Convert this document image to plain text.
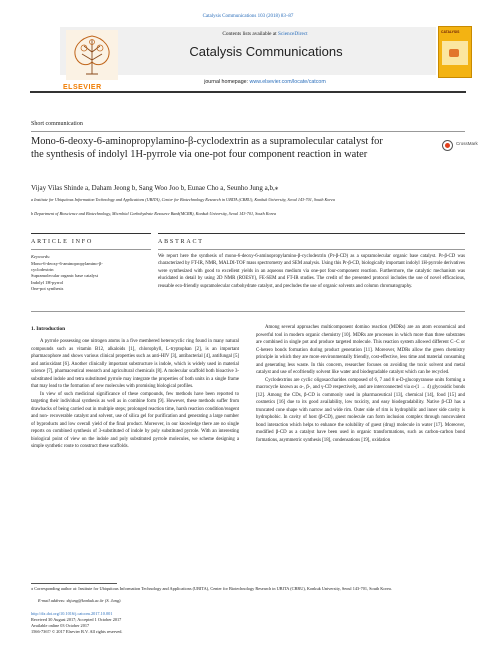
Catalysis Communications 103 (2018) 83–87
ELSEVIER
Contents lists available at ScienceDirect
Catalysis Communications
journal homepage: www.elsevier.com/locate/catcom
CATALYSIS
Short communication
Mono-6-deoxy-6-aminopropylamino-β-cyclodextrin as a supramolecular catalyst for the synthesis of indolyl 1H-pyrrole via one-pot four component reaction in water
CrossMark
Vijay Vilas Shinde a, Daham Jeong b, Sang Woo Joo b, Eunae Cho a, Seunho Jung a,b,⁎
a Institute for Ubiquitous Information Technology and Applications (UBITA), Center for Biotechnology Research in UBITA (CBRU), Konkuk University, Seoul 143-701, South Korea
b Department of Bioscience and Biotechnology, Microbial Carbohydrate Resource Bank(MCRB), Konkuk University, Seoul 143-701, South Korea
ARTICLE INFO	ABSTRACT
Keywords:
Mono-6-deoxy-6-aminopropylamino-β-
cyclodextrin
Supramolecular organic base catalyst
Indolyl 1H-pyrrol
One-pot synthesis
We report here the synthesis of mono-6-deoxy-6-aminopropylamino-β-cyclodextrin (Pr-β-CD) as a supramolecular organic base catalyst. Pr-β-CD was characterized by FT-IR, NMR, MALDI-TOF mass spectrometry and SEM analysis. Using this Pr-β-CD, biologically important indolyl 1H-pyrrole derivatives were synthesized with good to excellent yields in an aqueous medium via one-pot four-component reaction. Furthermore, the catalytic mechanism was elucidated in detail by using 2D NMR (ROESY), FE-SEM and FT-IR studies. The credit of the presented protocol includes the use of novel efficacious, reusable eco-friendly supramolecular carbohydrate catalyst, and precludes the use of organic solvents and column chromatography.
1. Introduction

A pyrrole possessing one nitrogen atoms in a five membered heterocyclic ring found in many natural compounds such as vitamin B12, alkaloids [1], chlorophyll, L-tryptophan [2], is an important pharmacophore and shows various clinical properties such as anti-HIV [3], antibacterial [4], antifungal [5] and antioxidant [6]. Another clinically important substructure is indole, which is widely used in material science [7], pharmaceutical research and agricultural chemicals [8]. A molecular scaffold both bioactive 3-substituted indole and tetra substituted pyrrole may integrate the properties of both units in a single frame that may lead to the formation of new molecules with promising biological profiles.

In view of such medicinal significance of these compounds, few methods have been reported to targeting their individual synthesis as well as in combine form [9]. However, these methods suffer from drawbacks of being carried out in multiple steps; prolonged reaction time, harsh reaction condition/reagent and non- recoverable catalyst and solvent, use of silica gel for purification and generating a large number of byproducts and low overall yield of the final product. Moreover, in our knowledge there are no single reports on combined synthesis of 3-substituted of indole by poly substituted pyrrole. With an interesting biological point of view on the indole and poly substituted pyrrole molecules, we scheme designing a simple synthetic route to construct these scaffolds.

Among several approaches multicomponent domino reaction (MDRs) are an atom economical and powerful tool in modern organic chemistry [10]. MDRs are processes in which more than three substrates are combined in single pot and produce targeted molecule. This reaction system allowed different C−C or C-hetero bonds formation during product generation [11]. Moreover, MDRs allow the green chemistry principle in which they are more environmentally friendly, cost-effective, less time and material consuming and generating less waste. In this concern, researcher focuses on avoiding the toxic solvent and metal catalyst and use of ecofriendly solvent like water and biodegradable catalyst which can be recycled.

Cyclodextrins are cyclic oligosaccharides composed of 6, 7 and 8 α-D-glucopyranose units forming a macrocycle known as α-, β-, and γ-CD respectively, and are interconnected via α-(1 → 4) glycosidic bonds [12]. Among the CDs, β-CD is commonly used in pharmaceutical [13], chemical [14], food [15] and cosmetics [16] due to its good availability, low toxicity, and easy biodegradability. Native β-CD has a truncated cone shape with narrow and wide rim. Outer side of rim is hydrophilic and inner side cavity is hydrophobic. In cavity of host (β-CD), guest molecule can form inclusion complex through noncovalent bond interaction which helps to enhance the solubility of guest (drug) molecule in water [17]. Moreover, modified β-CD as a catalyst have been used in organic transformations, such as carbon-carbon bond formations, asymmetric synthesis [18], condensations [19], oxidation

⁎ Corresponding author at: Institute for Ubiquitous Information Technology and Applications (UBITA), Center for Biotechnology Research in UBITA (CBRU), Konkuk University, Seoul 143-701, South Korea.
E-mail address: shjung@konkuk.ac.kr (S. Jung).
http://dx.doi.org/10.1016/j.catcom.2017.10.001
Received 30 August 2017; Accepted 1 October 2017
Available online 03 October 2017
1566-7367/ © 2017 Elsevier B.V. All rights reserved.
